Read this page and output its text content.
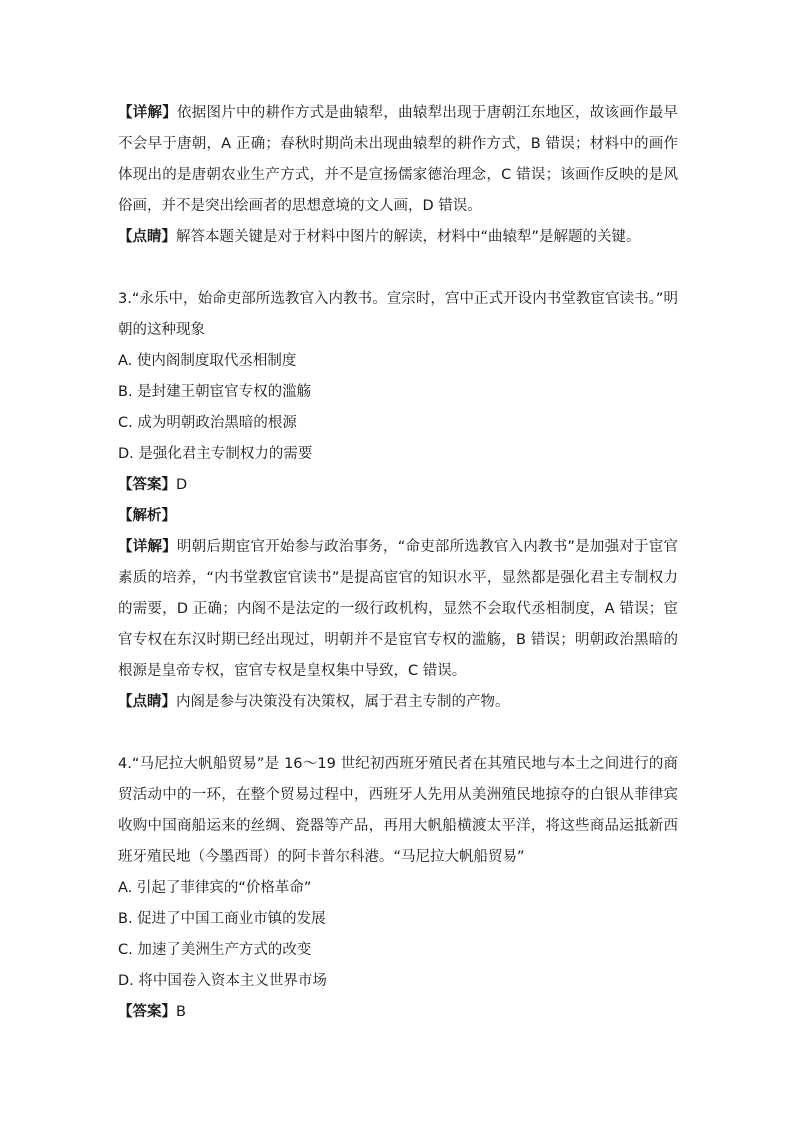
【详解】依据图片中的耕作方式是曲辕犁，曲辕犁出现于唐朝江东地区，故该画作最早不会早于唐朝，A 正确；春秋时期尚未出现曲辕犁的耕作方式，B 错误；材料中的画作体现出的是唐朝农业生产方式，并不是宣扬儒家德治理念，C 错误；该画作反映的是风俗画，并不是突出绘画者的思想意境的文人画，D 错误。

【点睛】解答本题关键是对于材料中图片的解读，材料中“曲辕犁”是解题的关键。

3.“永乐中，始命吏部所选教官入内教书。宣宗时，宫中正式开设内书堂教宦官读书。”明朝的这种现象

A. 使内阁制度取代丞相制度

B. 是封建王朝宦官专权的滥觞

C. 成为明朝政治黑暗的根源

D. 是强化君主专制权力的需要

【答案】D

【解析】

【详解】明朝后期宦官开始参与政治事务，“命吏部所选教官入内教书”是加强对于宦官素质的培养，“内书堂教宦官读书”是提高宦官的知识水平，显然都是强化君主专制权力的需要，D 正确；内阁不是法定的一级行政机构，显然不会取代丞相制度，A 错误；宦官专权在东汉时期已经出现过，明朝并不是宦官专权的滥觞，B 错误；明朝政治黑暗的根源是皇帝专权，宦官专权是皇权集中导致，C 错误。

【点睛】内阁是参与决策没有决策权，属于君主专制的产物。

4.“马尼拉大帆船贸易”是 16～19 世纪初西班牙殖民者在其殖民地与本土之间进行的商贸活动中的一环，在整个贸易过程中，西班牙人先用从美洲殖民地掠夺的白银从菲律宾收购中国商船运来的丝绸、瓷器等产品，再用大帆船横渡太平洋，将这些商品运抵新西班牙殖民地（今墨西哥）的阿卡普尔科港。“马尼拉大帆船贸易”

A. 引起了菲律宾的“价格革命”

B. 促进了中国工商业市镇的发展

C. 加速了美洲生产方式的改变

D. 将中国卷入资本主义世界市场

【答案】B
